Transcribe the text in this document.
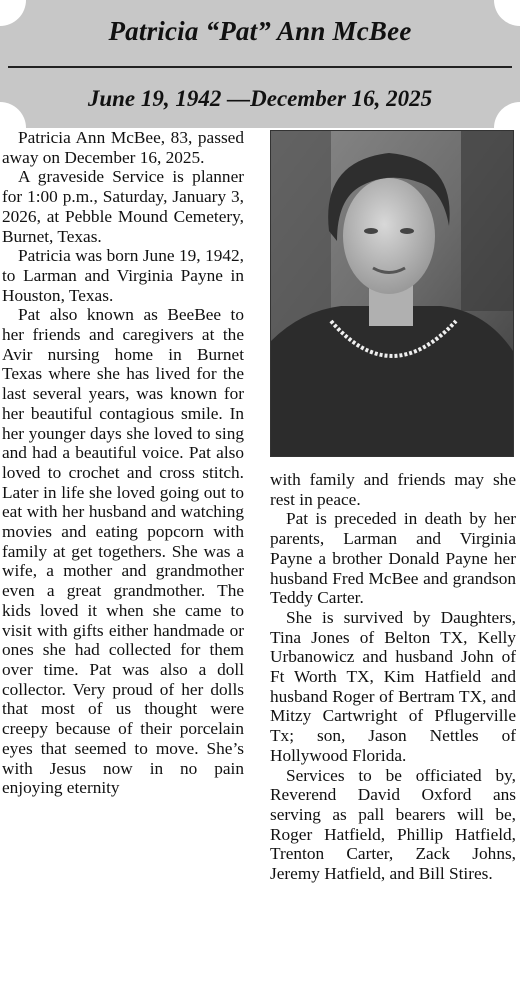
Patricia “Pat” Ann McBee
June 19, 1942 —December 16, 2025

Patricia Ann McBee, 83, passed away on December 16, 2025.

A graveside Service is planner for 1:00 p.m., Saturday, January 3, 2026, at Pebble Mound Cemetery, Burnet, Texas.

Patricia was born June 19, 1942, to Larman and Virginia Payne in Houston, Texas.

Pat also known as BeeBee to her friends and caregivers at the Avir nursing home in Burnet Texas where she has lived for the last several years, was known for her beautiful contagious smile. In her younger days she loved to sing and had a beautiful voice. Pat also loved to crochet and cross stitch. Later in life she loved going out to eat with her husband and watching movies and eating popcorn with family at get togethers. She was a wife, a mother and grandmother even a great grandmother. The kids loved it when she came to visit with gifts either handmade or ones she had collected for them over time. Pat was also a doll collector. Very proud of her dolls that most of us thought were creepy because of their porcelain eyes that seemed to move. She’s with Jesus now in no pain enjoying eternity

with family and friends may she rest in peace.

Pat is preceded in death by her parents, Larman and Virginia Payne a brother Donald Payne her husband Fred McBee and grandson Teddy Carter.

She is survived by Daughters, Tina Jones of Belton TX, Kelly Urbanowicz and husband John of Ft Worth TX, Kim Hatfield and husband Roger of Bertram TX, and Mitzy Cartwright of Pflugerville Tx; son, Jason Nettles of Hollywood Florida.

Services to be officiated by, Reverend David Oxford ans serving as pall bearers will be, Roger Hatfield, Phillip Hatfield, Trenton Carter, Zack Johns, Jeremy Hatfield, and Bill Stires.
